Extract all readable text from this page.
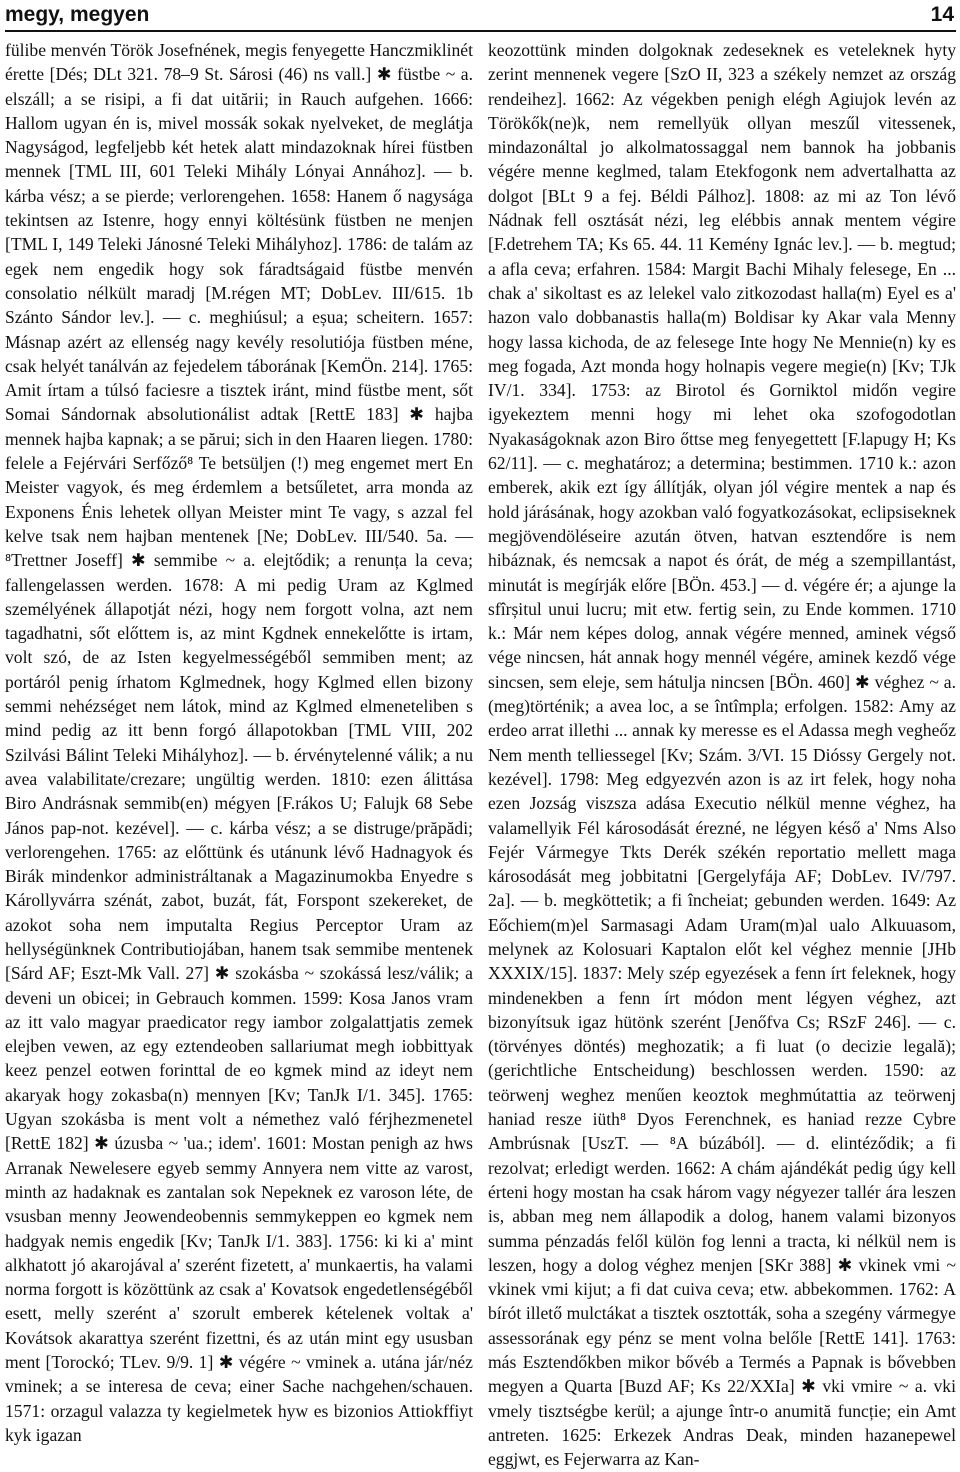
megy, megyen	14

fülibe menvén Török Josefnének, megis fenyegette Hanczmiklinét érette [Dés; DLt 321. 78–9 St. Sárosi (46) ns vall.] ✱ füstbe ~ a. elszáll; a se risipi, a fi dat uitării; in Rauch aufgehen. 1666: Hallom ugyan én is, mivel mossák sokak nyelveket, de meglátja Nagyságod, legfeljebb két hetek alatt mindazoknak hírei füstben mennek [TML III, 601 Teleki Mihály Lónyai Annához]. — b. kárba vész; a se pierde; verlorengehen. 1658: Hanem ő nagysága tekintsen az Istenre, hogy ennyi költésünk füstben ne menjen [TML I, 149 Teleki Jánosné Teleki Mihályhoz]. 1786: de talám az egek nem engedik hogy sok fáradtságaid füstbe menvén consolatio nélkült maradj [M.régen MT; DobLev. III/615. 1b Szánto Sándor lev.]. — c. meghiúsul; a eșua; scheitern. 1657: Másnap azért az ellenség nagy kevély resolutiója füstben méne, csak helyét tanálván az fejedelem táborának [KemÖn. 214]. 1765: Amit írtam a túlsó faciesre a tisztek iránt, mind füstbe ment, sőt Somai Sándornak absolutionálist adtak [RettE 183] ✱ hajba mennek hajba kapnak; a se părui; sich in den Haaren liegen. 1780: felele a Fejérvári Serfőző⁸ Te betsüljen (!) meg engemet mert En Meister vagyok, és meg érdemlem a betsűletet, arra monda az Exponens Énis lehetek ollyan Meister mint Te vagy, s azzal fel kelve tsak nem hajban mentenek [Ne; DobLev. III/540. 5a. — ⁸Trettner Joseff] ✱ semmibe ~ a. elejtődik; a renunța la ceva; fallengelassen werden. 1678: A mi pedig Uram az Kglmed személyének állapotját nézi, hogy nem forgott volna, azt nem tagadhatni, sőt előttem is, az mint Kgdnek ennekelőtte is irtam, volt szó, de az Isten kegyelmességéből semmiben ment; az portáról penig írhatom Kglmednek, hogy Kglmed ellen bizony semmi nehézséget nem látok, mind az Kglmed elmeneteliben s mind pedig az itt benn forgó állapotokban [TML VIII, 202 Szilvási Bálint Teleki Mihályhoz]. — b. érvénytelenné válik; a nu avea valabilitate/crezare; ungültig werden. 1810: ezen álittása Biro Andrásnak semmib(en) mégyen [F.rákos U; Falujk 68 Sebe János pap-not. kezével]. — c. kárba vész; a se distruge/prăpădi; verlorengehen. 1765: az előttünk és utánunk lévő Hadnagyok és Birák mindenkor administráltanak a Magazinumokba Enyedre s Károllyvárra szénát, zabot, buzát, fát, Forspont szekereket, de azokot soha nem imputalta Regius Perceptor Uram az hellységünknek Contributiojában, hanem tsak semmibe mentenek [Sárd AF; Eszt-Mk Vall. 27] ✱ szokásba ~ szokássá lesz/válik; a deveni un obicei; in Gebrauch kommen. 1599: Kosa Janos vram az itt valo magyar praedicator regy iambor zolgalattjatis zemek elejben vewen, az egy eztendeoben sallariumat megh iobbittyak keez penzel eotwen forinttal de eo kgmek mind az ideyt nem akaryak hogy zokasba(n) mennyen [Kv; TanJk I/1. 345]. 1765: Ugyan szokásba is ment volt a némethez való férjhezmenetel [RettE 182] ✱ úzusba ~ 'ua.; idem'. 1601: Mostan penigh az hws Arranak Newelesere egyeb semmy Annyera nem vitte az varost, minth az hadaknak es zantalan sok Nepeknek ez varoson léte, de vsusban menny Jeowendeobennis semmykeppen eo kgmek nem hadgyak nemis engedik [Kv; TanJk I/1. 383]. 1756: ki ki a' mint alkhatott jó akarojával a' szerént fizetett, a' munkaertis, ha valami norma forgott is közöttünk az csak a' Kovatsok engedetlenségéből esett, melly szerént a' szorult emberek kételenek voltak a' Kovátsok akarattya szerént fizettni, és az után mint egy ususban ment [Torockó; TLev. 9/9. 1] ✱ végére ~ vminek a. utána jár/néz vminek; a se interesa de ceva; einer Sache nachgehen/schauen. 1571: orzagul valazza ty kegielmetek hyw es bizonios Attiokffiyt kyk igazan

keozottünk minden dolgoknak zedeseknek es veteleknek hyty zerint mennenek vegere [SzO II, 323 a székely nemzet az ország rendeihez]. 1662: Az végekben penigh elégh Agiujok levén az Törökők(ne)k, nem remellyük ollyan meszűl vitessenek, mindazonáltal jo alkolmatossaggal nem bannok ha jobbanis végére menne keglmed, talam Etekfogonk nem advertalhatta az dolgot [BLt 9 a fej. Béldi Pálhoz]. 1808: az mi az Ton lévő Nádnak fell osztását nézi, leg elébbis annak mentem végire [F.detrehem TA; Ks 65. 44. 11 Kemény Ignác lev.]. — b. megtud; a afla ceva; erfahren. 1584: Margit Bachi Mihaly felesege, En ... chak a' sikoltast es az lelekel valo zitkozodast halla(m) Eyel es a' hazon valo dobbanastis halla(m) Boldisar ky Akar vala Menny hogy lassa kichoda, de az felesege Inte hogy Ne Mennie(n) ky es meg fogada, Azt monda hogy holnapis vegere megie(n) [Kv; TJk IV/1. 334]. 1753: az Birotol és Gorniktol midőn vegire igyekeztem menni hogy mi lehet oka szofogodotlan Nyakaságoknak azon Biro őttse meg fenyegettett [F.lapugy H; Ks 62/11]. — c. meghatároz; a determina; bestimmen. 1710 k.: azon emberek, akik ezt így állítják, olyan jól végire mentek a nap és hold járásának, hogy azokban való fogyatkozásokat, eclipsiseknek megjövendöléseire azután ötven, hatvan esztendőre is nem hibáznak, és nemcsak a napot és órát, de még a szempillantást, minutát is megírják előre [BÖn. 453.] — d. végére ér; a ajunge la sfîrșitul unui lucru; mit etw. fertig sein, zu Ende kommen. 1710 k.: Már nem képes dolog, annak végére menned, aminek végső vége nincsen, hát annak hogy mennél végére, aminek kezdő vége sincsen, sem eleje, sem hátulja nincsen [BÖn. 460] ✱ véghez ~ a. (meg)történik; a avea loc, a se întîmpla; erfolgen. 1582: Amy az erdeo arrat illethi ... annak ky meresse es el Adassa megh vegheőz Nem menth telliessegel [Kv; Szám. 3/VI. 15 Dióssy Gergely not. kezével]. 1798: Meg edgyezvén azon is az irt felek, hogy noha ezen Jozság viszsza adása Executio nélkül menne véghez, ha valamellyik Fél károsodását érezné, ne légyen késő a' Nms Also Fejér Vármegye Tkts Derék székén reportatio mellett maga károsodását meg jobbitatni [Gergelyfája AF; DobLev. IV/797. 2a]. — b. megköttetik; a fi încheiat; gebunden werden. 1649: Az Eőchiem(m)el Sarmasagi Adam Uram(m)al ualo Alkuuasom, melynek az Kolosuari Kaptalon előt kel véghez mennie [JHb XXXIX/15]. 1837: Mely szép egyezések a fenn írt feleknek, hogy mindenekben a fenn írt módon ment légyen véghez, azt bizonyítsuk igaz hütönk szerént [Jenőfva Cs; RSzF 246]. — c. (törvényes döntés) meghozatik; a fi luat (o decizie legală); (gerichtliche Entscheidung) beschlossen werden. 1590: az teörwenj weghez menűen keoztok meghmútattia az teörwenj haniad resze iüth⁸ Dyos Ferenchnek, es haniad rezze Cybre Ambrúsnak [UszT. — ⁸A búzából]. — d. elintéződik; a fi rezolvat; erledigt werden. 1662: A chám ajándékát pedig úgy kell érteni hogy mostan ha csak három vagy négyezer tallér ára leszen is, abban meg nem állapodik a dolog, hanem valami bizonyos summa pénzadás felől külön fog lenni a tracta, ki nélkül nem is leszen, hogy a dolog véghez menjen [SKr 388] ✱ vkinek vmi ~ vkinek vmi kijut; a fi dat cuiva ceva; etw. abbekommen. 1762: A bírót illető mulctákat a tisztek osztották, soha a szegény vármegye assessorának egy pénz se ment volna belőle [RettE 141]. 1763: más Esztendőkben mikor bővéb a Termés a Papnak is bővebben megyen a Quarta [Buzd AF; Ks 22/XXIa] ✱ vki vmire ~ a. vki vmely tisztségbe kerül; a ajunge într-o anumită funcție; ein Amt antreten. 1625: Erkezek Andras Deak, minden hazanepewel eggjwt, es Fejerwarra az Kan-
